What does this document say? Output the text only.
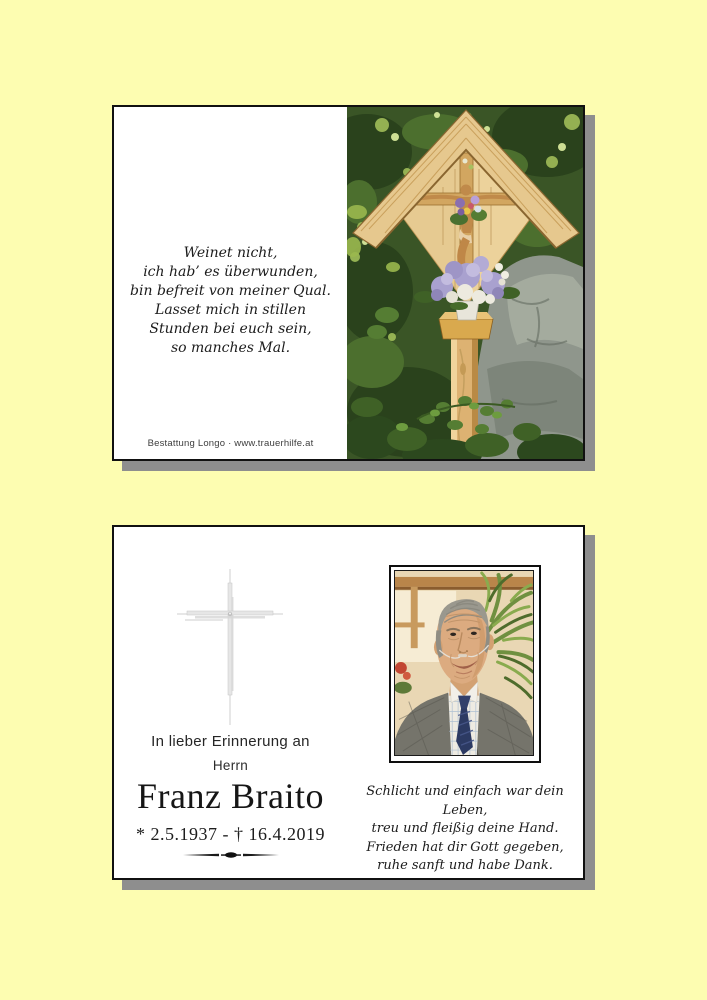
Weinet nicht,
ich hab’ es überwunden,
bin befreit von meiner Qual.
Lasset mich in stillen
Stunden bei euch sein,
so manches Mal.
Bestattung Longo · www.trauerhilfe.at
In lieber Erinnerung an
Herrn
Franz Braito
* 2.5.1937 - † 16.4.2019
Schlicht und einfach war dein Leben,
treu und fleißig deine Hand.
Frieden hat dir Gott gegeben,
ruhe sanft und habe Dank.
